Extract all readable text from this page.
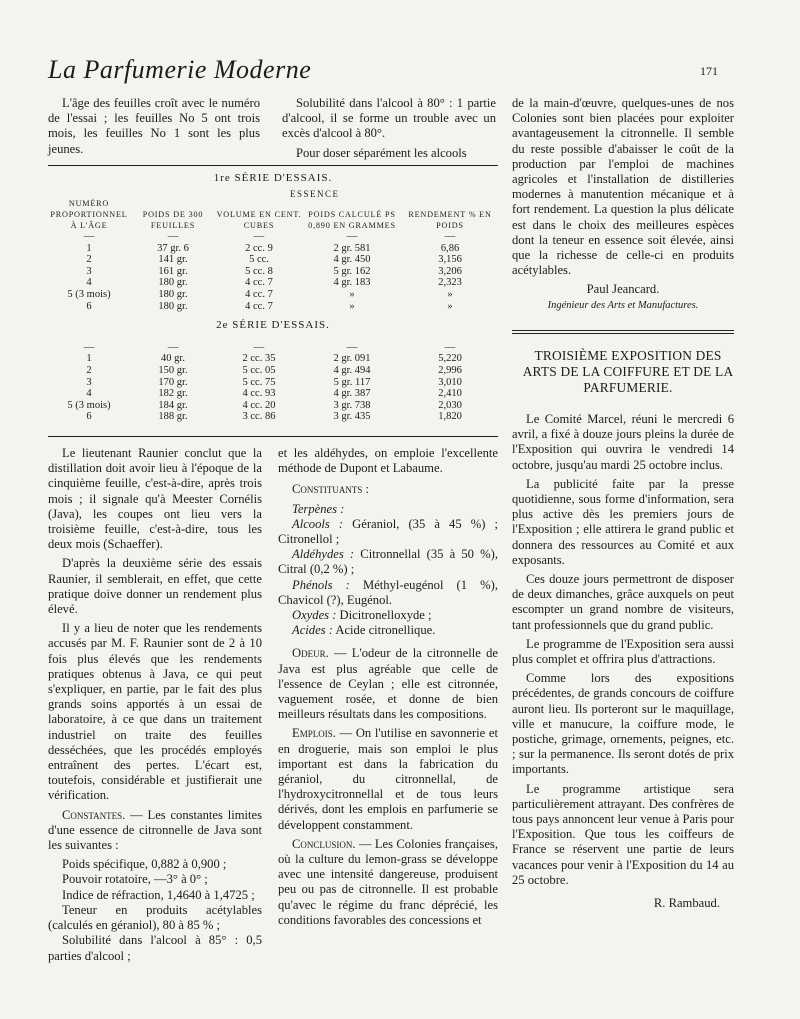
La Parfumerie Moderne	171

L'âge des feuilles croît avec le numéro de l'essai ; les feuilles No 5 ont trois mois, les feuilles No 1 sont les plus jeunes.

Solubilité dans l'alcool à 80° : 1 partie d'alcool, il se forme un trouble avec un excès d'alcool à 80°.

Pour doser séparément les alcools

1re SÉRIE D'ESSAIS.
NUMÉRO PROPORTIONNEL À L'ÂGE	POIDS DE 300 FEUILLES	VOLUME EN CENT. CUBES	POIDS CALCULÉ PS 0,890 EN GRAMMES	RENDEMENT % EN POIDS
—	—	—	—	—
1	37 gr. 6	2 cc. 9	2 gr. 581	6,86
2	141 gr.	5 cc.	4 gr. 450	3,156
3	161 gr.	5 cc. 8	5 gr. 162	3,206
4	180 gr.	4 cc. 7	4 gr. 183	2,323
5 (3 mois)	180 gr.	4 cc. 7	»	»
6	180 gr.	4 cc. 7	»	»

2e SÉRIE D'ESSAIS.				

—	—	—	—	—
1	40 gr.	2 cc. 35	2 gr. 091	5,220
2	150 gr.	5 cc. 05	4 gr. 494	2,996
3	170 gr.	5 cc. 75	5 gr. 117	3,010
4	182 gr.	4 cc. 93	4 gr. 387	2,410
5 (3 mois)	184 gr.	4 cc. 20	3 gr. 738	2,030
6	188 gr.	3 cc. 86	3 gr. 435	1,820
ESSENCE

Le lieutenant Raunier conclut que la distillation doit avoir lieu à l'époque de la cinquième feuille, c'est-à-dire, après trois mois ; il signale qu'à Meester Cornélis (Java), les coupes ont lieu vers la troisième feuille, c'est-à-dire, tous les deux mois (Schaeffer).

D'après la deuxième série des essais Raunier, il semblerait, en effet, que cette pratique doive donner un rendement plus élevé.

Il y a lieu de noter que les rendements accusés par M. F. Raunier sont de 2 à 10 fois plus élevés que les rendements pratiques obtenus à Java, ce qui peut s'expliquer, en partie, par le fait des plus grands soins apportés à un essai de laboratoire, à ce que dans un traitement industriel on traite des feuilles desséchées, que les procédés employés entraînent des pertes. L'écart est, toutefois, considérable et justifierait une vérification.

Constantes. — Les constantes limites d'une essence de citronnelle de Java sont les suivantes :

Poids spécifique, 0,882 à 0,900 ;

Pouvoir rotatoire, —3° à 0° ;

Indice de réfraction, 1,4640 à 1,4725 ;

Teneur en produits acétylables (calculés en géraniol), 80 à 85 % ;

Solubilité dans l'alcool à 85° : 0,5 parties d'alcool ;

et les aldéhydes, on emploie l'excellente méthode de Dupont et Labaume.

Constituants :

Terpènes :

Alcools : Géraniol, (35 à 45 %) ; Citronellol ;

Aldéhydes : Citronnellal (35 à 50 %), Citral (0,2 %) ;

Phénols : Méthyl-eugénol (1 %), Chavicol (?), Eugénol.

Oxydes : Dicitronelloxyde ;

Acides : Acide citronellique.

Odeur. — L'odeur de la citronnelle de Java est plus agréable que celle de l'essence de Ceylan ; elle est citronnée, vaguement rosée, et donne de bien meilleurs résultats dans les compositions.

Emplois. — On l'utilise en savonnerie et en droguerie, mais son emploi le plus important est dans la fabrication du géraniol, du citronnellal, de l'hydroxycitronnellal et de tous leurs dérivés, dont les emplois en parfumerie se développent constamment.

Conclusion. — Les Colonies françaises, où la culture du lemon-grass se développe avec une intensité dangereuse, produisent peu ou pas de citronnelle. Il est probable qu'avec le régime du franc déprécié, les conditions favorables des concessions et

de la main-d'œuvre, quelques-unes de nos Colonies sont bien placées pour exploiter avantageusement la citronnelle. Il semble du reste possible d'abaisser le coût de la production par l'emploi de machines agricoles et l'installation de distilleries modernes à manutention mécanique et à fort rendement. La question la plus délicate est dans le choix des meilleures espèces dont la teneur en essence soit élevée, ainsi que la richesse de celle-ci en produits acétylables.

Paul Jeancard.

Ingénieur des Arts et Manufactures.

TROISIÈME EXPOSITION DES ARTS DE LA COIFFURE ET DE LA PARFUMERIE.

Le Comité Marcel, réuni le mercredi 6 avril, a fixé à douze jours pleins la durée de l'Exposition qui ouvrira le vendredi 14 octobre, jusqu'au mardi 25 octobre inclus.

La publicité faite par la presse quotidienne, sous forme d'information, sera plus active dès les premiers jours de l'Exposition ; elle attirera le grand public et donnera des ressources au Comité et aux exposants.

Ces douze jours permettront de disposer de deux dimanches, grâce auxquels on peut escompter un grand nombre de visiteurs, tant professionnels que du grand public.

Le programme de l'Exposition sera aussi plus complet et offrira plus d'attractions.

Comme lors des expositions précédentes, de grands concours de coiffure auront lieu. Ils porteront sur le maquillage, ville et manucure, la coiffure mode, le postiche, grimage, ornements, peignes, etc. ; sur la permanence. Ils seront dotés de prix importants.

Le programme artistique sera particulièrement attrayant. Des confrères de tous pays annoncent leur venue à Paris pour l'Exposition. Que tous les coiffeurs de France se réservent une partie de leurs vacances pour venir à l'Exposition du 14 au 25 octobre.

R. Rambaud.
